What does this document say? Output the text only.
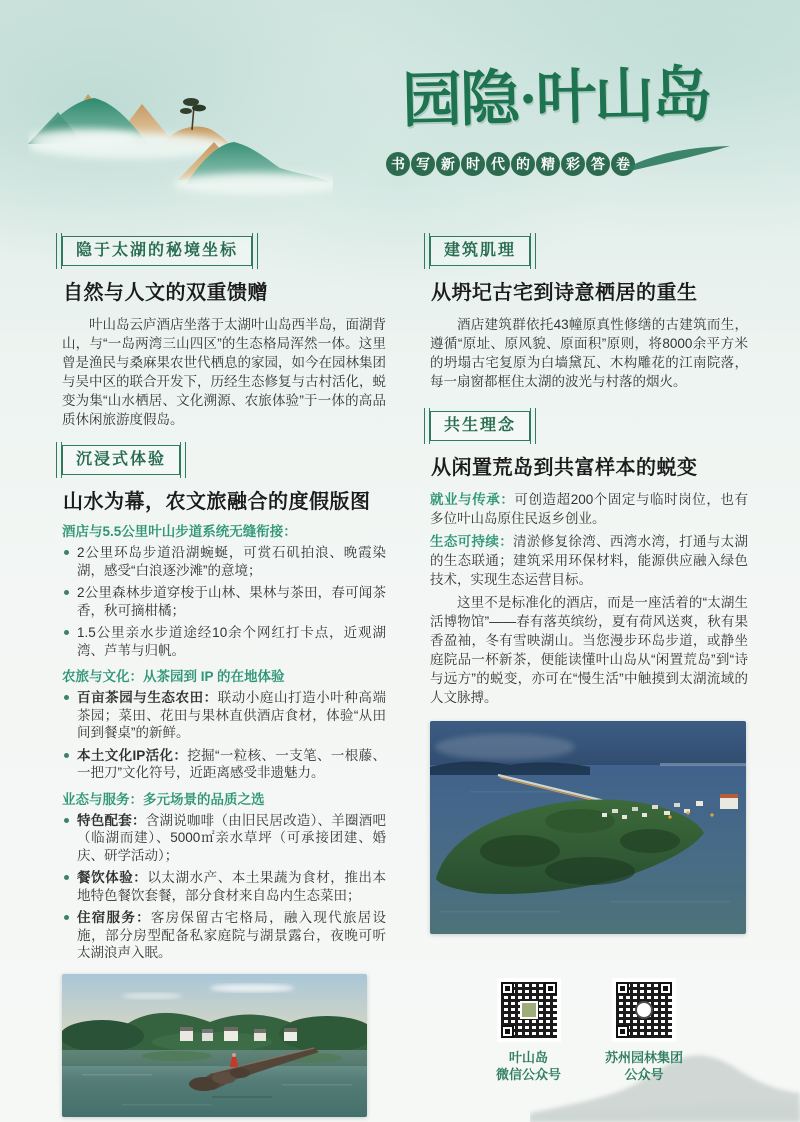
园隐·叶山岛
书 写 新 时 代 的 精 彩 答 卷
隐于太湖的秘境坐标
自然与人文的双重馈赠

叶山岛云庐酒店坐落于太湖叶山岛西半岛，面湖背山，与“一岛两湾三山四区”的生态格局浑然一体。这里曾是渔民与桑麻果农世代栖息的家园，如今在园林集团与吴中区的联合开发下，历经生态修复与古村活化，蜕变为集“山水栖居、文化溯源、农旅体验”于一体的高品质休闲旅游度假岛。

沉浸式体验
山水为幕，农文旅融合的度假版图

酒店与5.5公里叶山步道系统无缝衔接：

2公里环岛步道沿湖蜿蜒，可赏石矶拍浪、晚霞染湖，感受“白浪逐沙滩”的意境；
2公里森林步道穿梭于山林、果林与茶田，春可闻茶香，秋可摘柑橘；
1.5公里亲水步道途经10余个网红打卡点，近观湖湾、芦苇与归帆。

农旅与文化：从茶园到 IP 的在地体验

百亩茶园与生态农田：联动小庭山打造小叶种高端茶园；菜田、花田与果林直供酒店食材，体验“从田间到餐桌”的新鲜。
本土文化IP活化：挖掘“一粒核、一支笔、一根藤、一把刀”文化符号，近距离感受非遗魅力。

业态与服务：多元场景的品质之选

特色配套：含湖说咖啡（由旧民居改造）、羊圈酒吧（临湖而建）、5000㎡亲水草坪（可承接团建、婚庆、研学活动）；
餐饮体验：以太湖水产、本土果蔬为食材，推出本地特色餐饮套餐，部分食材来自岛内生态菜田；
住宿服务：客房保留古宅格局，融入现代旅居设施，部分房型配备私家庭院与湖景露台，夜晚可听太湖浪声入眠。
建筑肌理
从坍圮古宅到诗意栖居的重生

酒店建筑群依托43幢原真性修缮的古建筑而生，遵循“原址、原风貌、原面积”原则，将8000余平方米的坍塌古宅复原为白墙黛瓦、木构雕花的江南院落，每一扇窗都框住太湖的波光与村落的烟火。

共生理念
从闲置荒岛到共富样本的蜕变

就业与传承：可创造超200个固定与临时岗位，也有多位叶山岛原住民返乡创业。

生态可持续：清淤修复徐湾、西湾水湾，打通与太湖的生态联通；建筑采用环保材料，能源供应融入绿色技术，实现生态运营目标。

这里不是标准化的酒店，而是一座活着的“太湖生活博物馆”——春有落英缤纷，夏有荷风送爽，秋有果香盈袖，冬有雪映湖山。当您漫步环岛步道，或静坐庭院品一杯新茶，便能读懂叶山岛从“闲置荒岛”到“诗与远方”的蜕变，亦可在“慢生活”中触摸到太湖流域的人文脉搏。

叶山岛
微信公众号
苏州园林集团
公众号
